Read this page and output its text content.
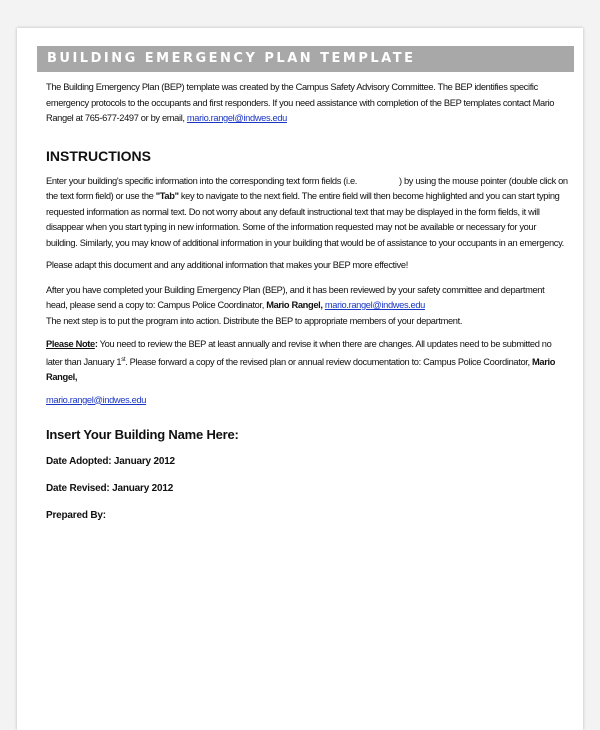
BUILDING EMERGENCY PLAN TEMPLATE

The Building Emergency Plan (BEP) template was created by the Campus Safety Advisory Committee. The BEP identifies specific emergency protocols to the occupants and first responders. If you need assistance with completion of the BEP templates contact Mario Rangel at 765-677-2497 or by email, mario.rangel@indwes.edu

INSTRUCTIONS

Enter your building's specific information into the corresponding text form fields (i.e.	) by using the mouse pointer (double click on the text form field) or use the "Tab" key to navigate to the next field. The entire field will then become highlighted and you can start typing requested information as normal text. Do not worry about any default instructional text that may be displayed in the form fields, it will disappear when you start typing in new information. Some of the information requested may not be available or necessary for your building. Similarly, you may know of additional information in your building that would be of assistance to your occupants in an emergency.

Please adapt this document and any additional information that makes your BEP more effective!

After you have completed your Building Emergency Plan (BEP), and it has been reviewed by your safety committee and department head, please send a copy to: Campus Police Coordinator, Mario Rangel, mario.rangel@indwes.edu

The next step is to put the program into action. Distribute the BEP to appropriate members of your department.

Please Note: You need to review the BEP at least annually and revise it when there are changes. All updates need to be submitted no later than January 1st. Please forward a copy of the revised plan or annual review documentation to: Campus Police Coordinator, Mario Rangel,

mario.rangel@indwes.edu

Insert Your Building Name Here:

Date Adopted: January 2012

Date Revised: January 2012

Prepared By:
